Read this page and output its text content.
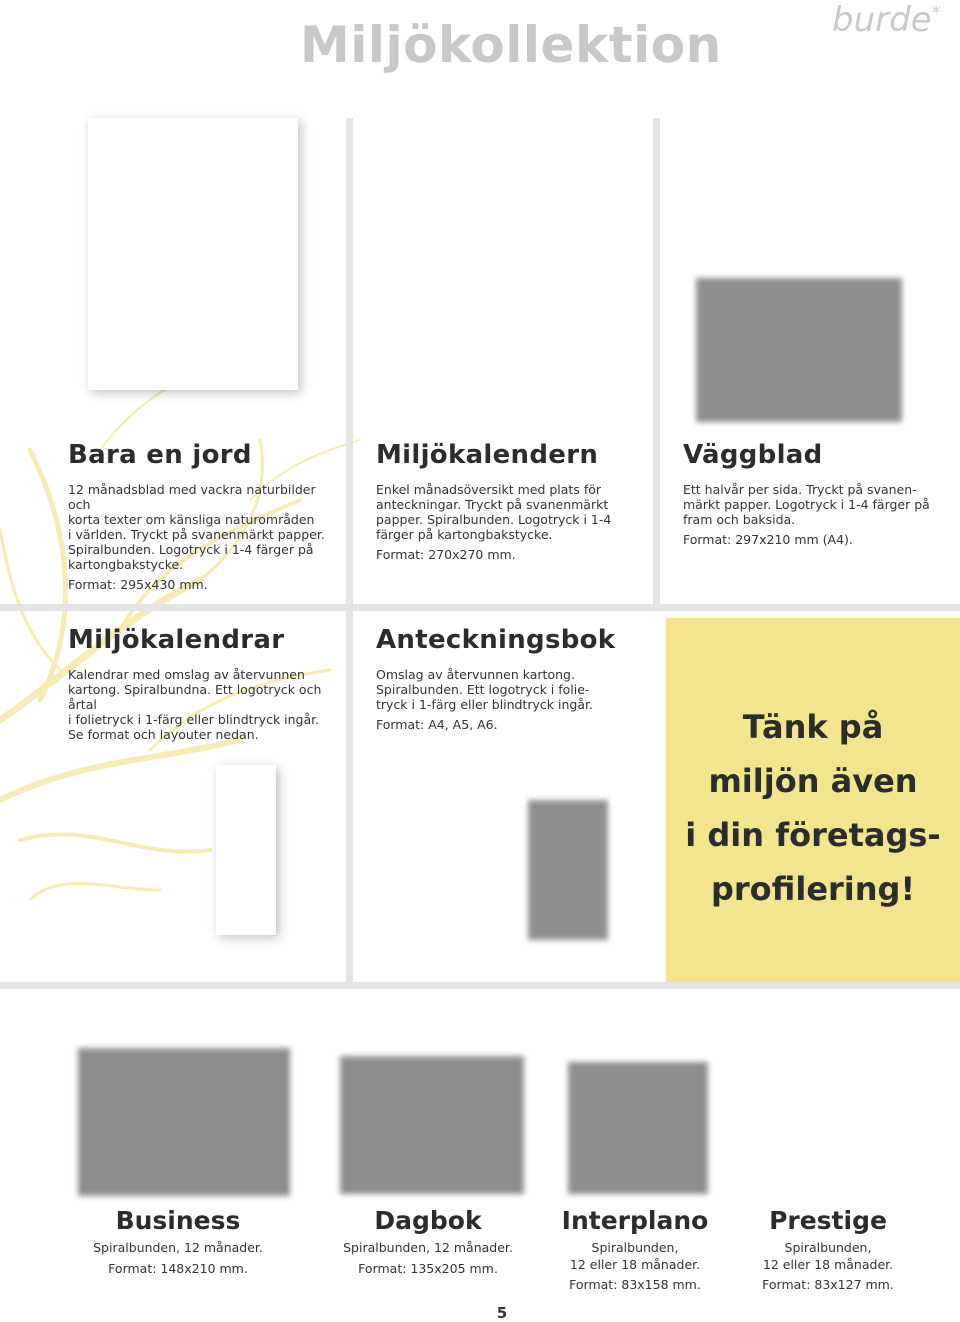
Miljökollektion	burde*
Bara en jord

12 månadsblad med vackra naturbilder och

korta texter om känsliga naturområden

i världen. Tryckt på svanenmärkt papper.

Spiralbunden. Logotryck i 1-4 färger på

kartongbakstycke.

Format: 295x430 mm.
Miljökalendern

Enkel månadsöversikt med plats för

anteckningar. Tryckt på svanenmärkt

papper. Spiralbunden. Logotryck i 1-4

färger på kartongbakstycke.

Format: 270x270 mm.
Väggblad

Ett halvår per sida. Tryckt på svanen-

märkt papper. Logotryck i 1-4 färger på

fram och baksida.

Format: 297x210 mm (A4).
Miljökalendrar

Kalendrar med omslag av återvunnen

kartong. Spiralbundna. Ett logotryck och årtal

i folietryck i 1-färg eller blindtryck ingår.

Se format och layouter nedan.

Anteckningsbok

Omslag av återvunnen kartong.

Spiralbunden. Ett logotryck i folie-

tryck i 1-färg eller blindtryck ingår.

Format: A4, A5, A6.	Tänk på
miljön även
i din företags-
profilering!
Business
Spiralbunden, 12 månader.
Format: 148x210 mm.
Dagbok
Spiralbunden, 12 månader.
Format: 135x205 mm.
Interplano
Spiralbunden,
12 eller 18 månader.
Format: 83x158 mm.
Prestige
Spiralbunden,
12 eller 18 månader.
Format: 83x127 mm.
5
